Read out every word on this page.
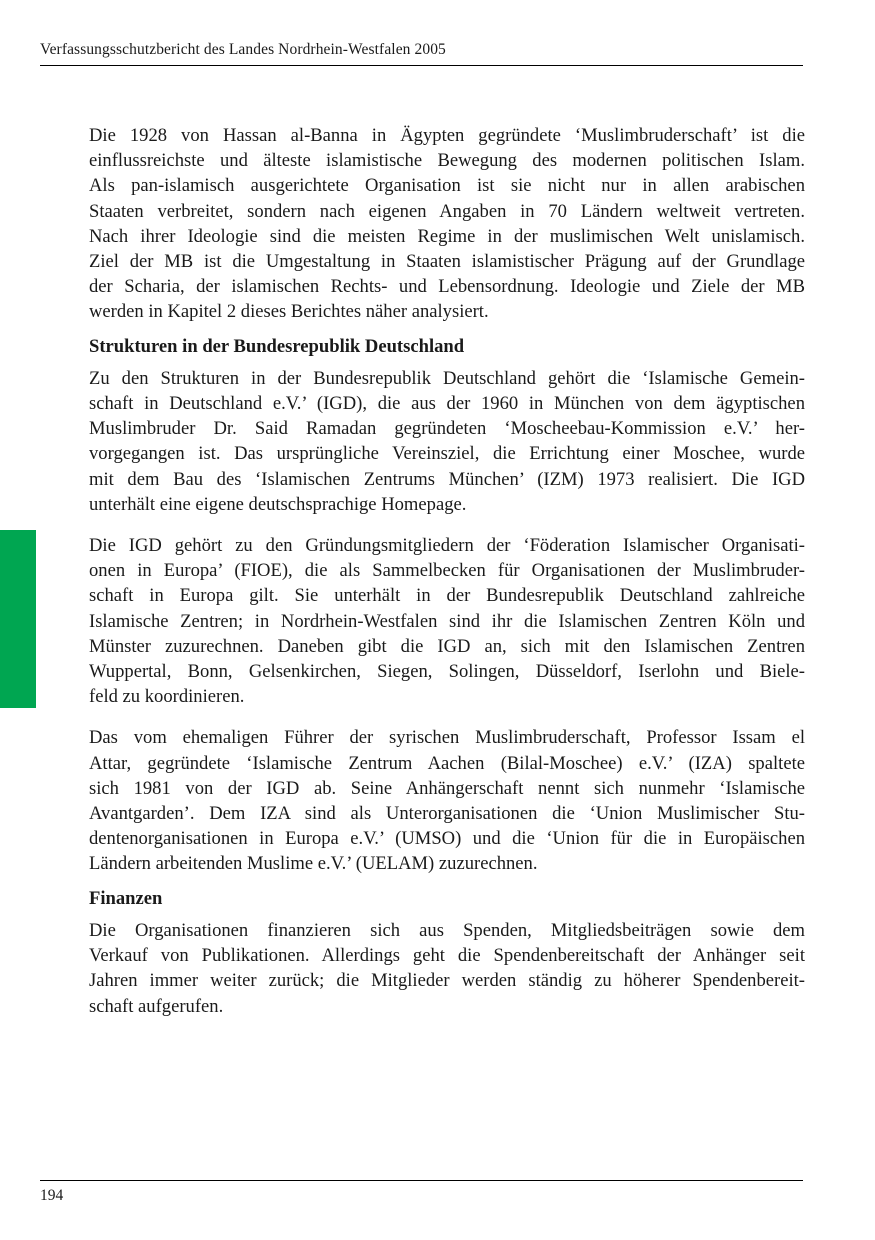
Verfassungsschutzbericht des Landes Nordrhein-Westfalen 2005

Die 1928 von Hassan al-Banna in Ägypten gegründete ‘Muslimbruderschaft’ ist die
einflussreichste und älteste islamistische Bewegung des modernen politischen Islam.
Als pan-islamisch ausgerichtete Organisation ist sie nicht nur in allen arabischen
Staaten verbreitet, sondern nach eigenen Angaben in 70 Ländern weltweit vertreten.
Nach ihrer Ideologie sind die meisten Regime in der muslimischen Welt unislamisch.
Ziel der MB ist die Umgestaltung in Staaten islamistischer Prägung auf der Grundlage
der Scharia, der islamischen Rechts- und Lebensordnung. Ideologie und Ziele der MB
werden in Kapitel 2 dieses Berichtes näher analysiert.

Strukturen in der Bundesrepublik Deutschland

Zu den Strukturen in der Bundesrepublik Deutschland gehört die ‘Islamische Gemein-
schaft in Deutschland e.V.’ (IGD), die aus der 1960 in München von dem ägyptischen
Muslimbruder Dr. Said Ramadan gegründeten ‘Moscheebau-Kommission e.V.’ her-
vorgegangen ist. Das ursprüngliche Vereinsziel, die Errichtung einer Moschee, wurde
mit dem Bau des ‘Islamischen Zentrums München’ (IZM) 1973 realisiert. Die IGD
unterhält eine eigene deutschsprachige Homepage.

Die IGD gehört zu den Gründungsmitgliedern der ‘Föderation Islamischer Organisati-
onen in Europa’ (FIOE), die als Sammelbecken für Organisationen der Muslimbruder-
schaft in Europa gilt. Sie unterhält in der Bundesrepublik Deutschland zahlreiche
Islamische Zentren; in Nordrhein-Westfalen sind ihr die Islamischen Zentren Köln und
Münster zuzurechnen. Daneben gibt die IGD an, sich mit den Islamischen Zentren
Wuppertal, Bonn, Gelsenkirchen, Siegen, Solingen, Düsseldorf, Iserlohn und Biele-
feld zu koordinieren.

Das vom ehemaligen Führer der syrischen Muslimbruderschaft, Professor Issam el
Attar, gegründete ‘Islamische Zentrum Aachen (Bilal-Moschee) e.V.’ (IZA) spaltete
sich 1981 von der IGD ab. Seine Anhängerschaft nennt sich nunmehr ‘Islamische
Avantgarden’. Dem IZA sind als Unterorganisationen die ‘Union Muslimischer Stu-
dentenorganisationen in Europa e.V.’ (UMSO) und die ‘Union für die in Europäischen
Ländern arbeitenden Muslime e.V.’ (UELAM) zuzurechnen.

Finanzen

Die Organisationen finanzieren sich aus Spenden, Mitgliedsbeiträgen sowie dem
Verkauf von Publikationen. Allerdings geht die Spendenbereitschaft der Anhänger seit
Jahren immer weiter zurück; die Mitglieder werden ständig zu höherer Spendenbereit-
schaft aufgerufen.

194
